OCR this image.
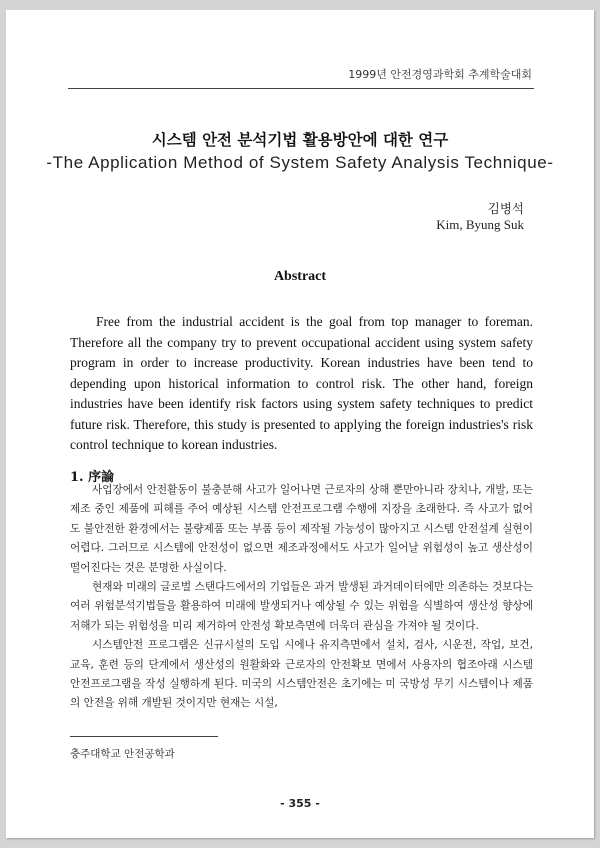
1999년 안전경영과학회 추계학술대회
시스템 안전 분석기법 활용방안에 대한 연구
-The Application Method of System Safety Analysis Technique-
김병석
Kim, Byung Suk
Abstract
Free from the industrial accident is the goal from top manager to foreman. Therefore all the company try to prevent occupational accident using system safety program in order to increase productivity. Korean industries have been tend to depending upon historical information to control risk. The other hand, foreign industries have been identify risk factors using system safety techniques to predict future risk. Therefore, this study is presented to applying the foreign industries's risk control technique to korean industries.
1. 序論

사업장에서 안전활동이 불충분해 사고가 일어나면 근로자의 상해 뿐만아니라 장치나, 개발, 또는 제조 중인 제품에 피해를 주어 예상된 시스템 안전프로그램 수행에 지장을 초래한다. 즉 사고가 없어도 불안전한 환경에서는 불량제품 또는 부품 등이 제작될 가능성이 많아지고 시스템 안전설계 실현이 어렵다. 그러므로 시스템에 안전성이 없으면 제조과정에서도 사고가 일어날 위험성이 높고 생산성이 떨어진다는 것은 분명한 사실이다.

현재와 미래의 글로벌 스탠다드에서의 기업들은 과거 발생된 과거데이터에만 의존하는 것보다는 여러 위험분석기법들을 활용하여 미래에 발생되거나 예상될 수 있는 위험을 식별하여 생산성 향상에 저해가 되는 위험성을 미리 제거하여 안전성 확보측면에 더욱더 관심을 가져야 될 것이다.

시스템안전 프로그램은 신규시설의 도입 시에나 유지측면에서 설치, 검사, 시운전, 작업, 보건, 교육, 훈련 등의 단계에서 생산성의 원활화와 근로자의 안전확보 면에서 사용자의 협조아래 시스템 안전프로그램을 작성 실행하게 된다. 미국의 시스템안전은 초기에는 미 국방성 무기 시스템이나 제품의 안전을 위해 개발된 것이지만 현재는 시설,

충주대학교 안전공학과
- 355 -
